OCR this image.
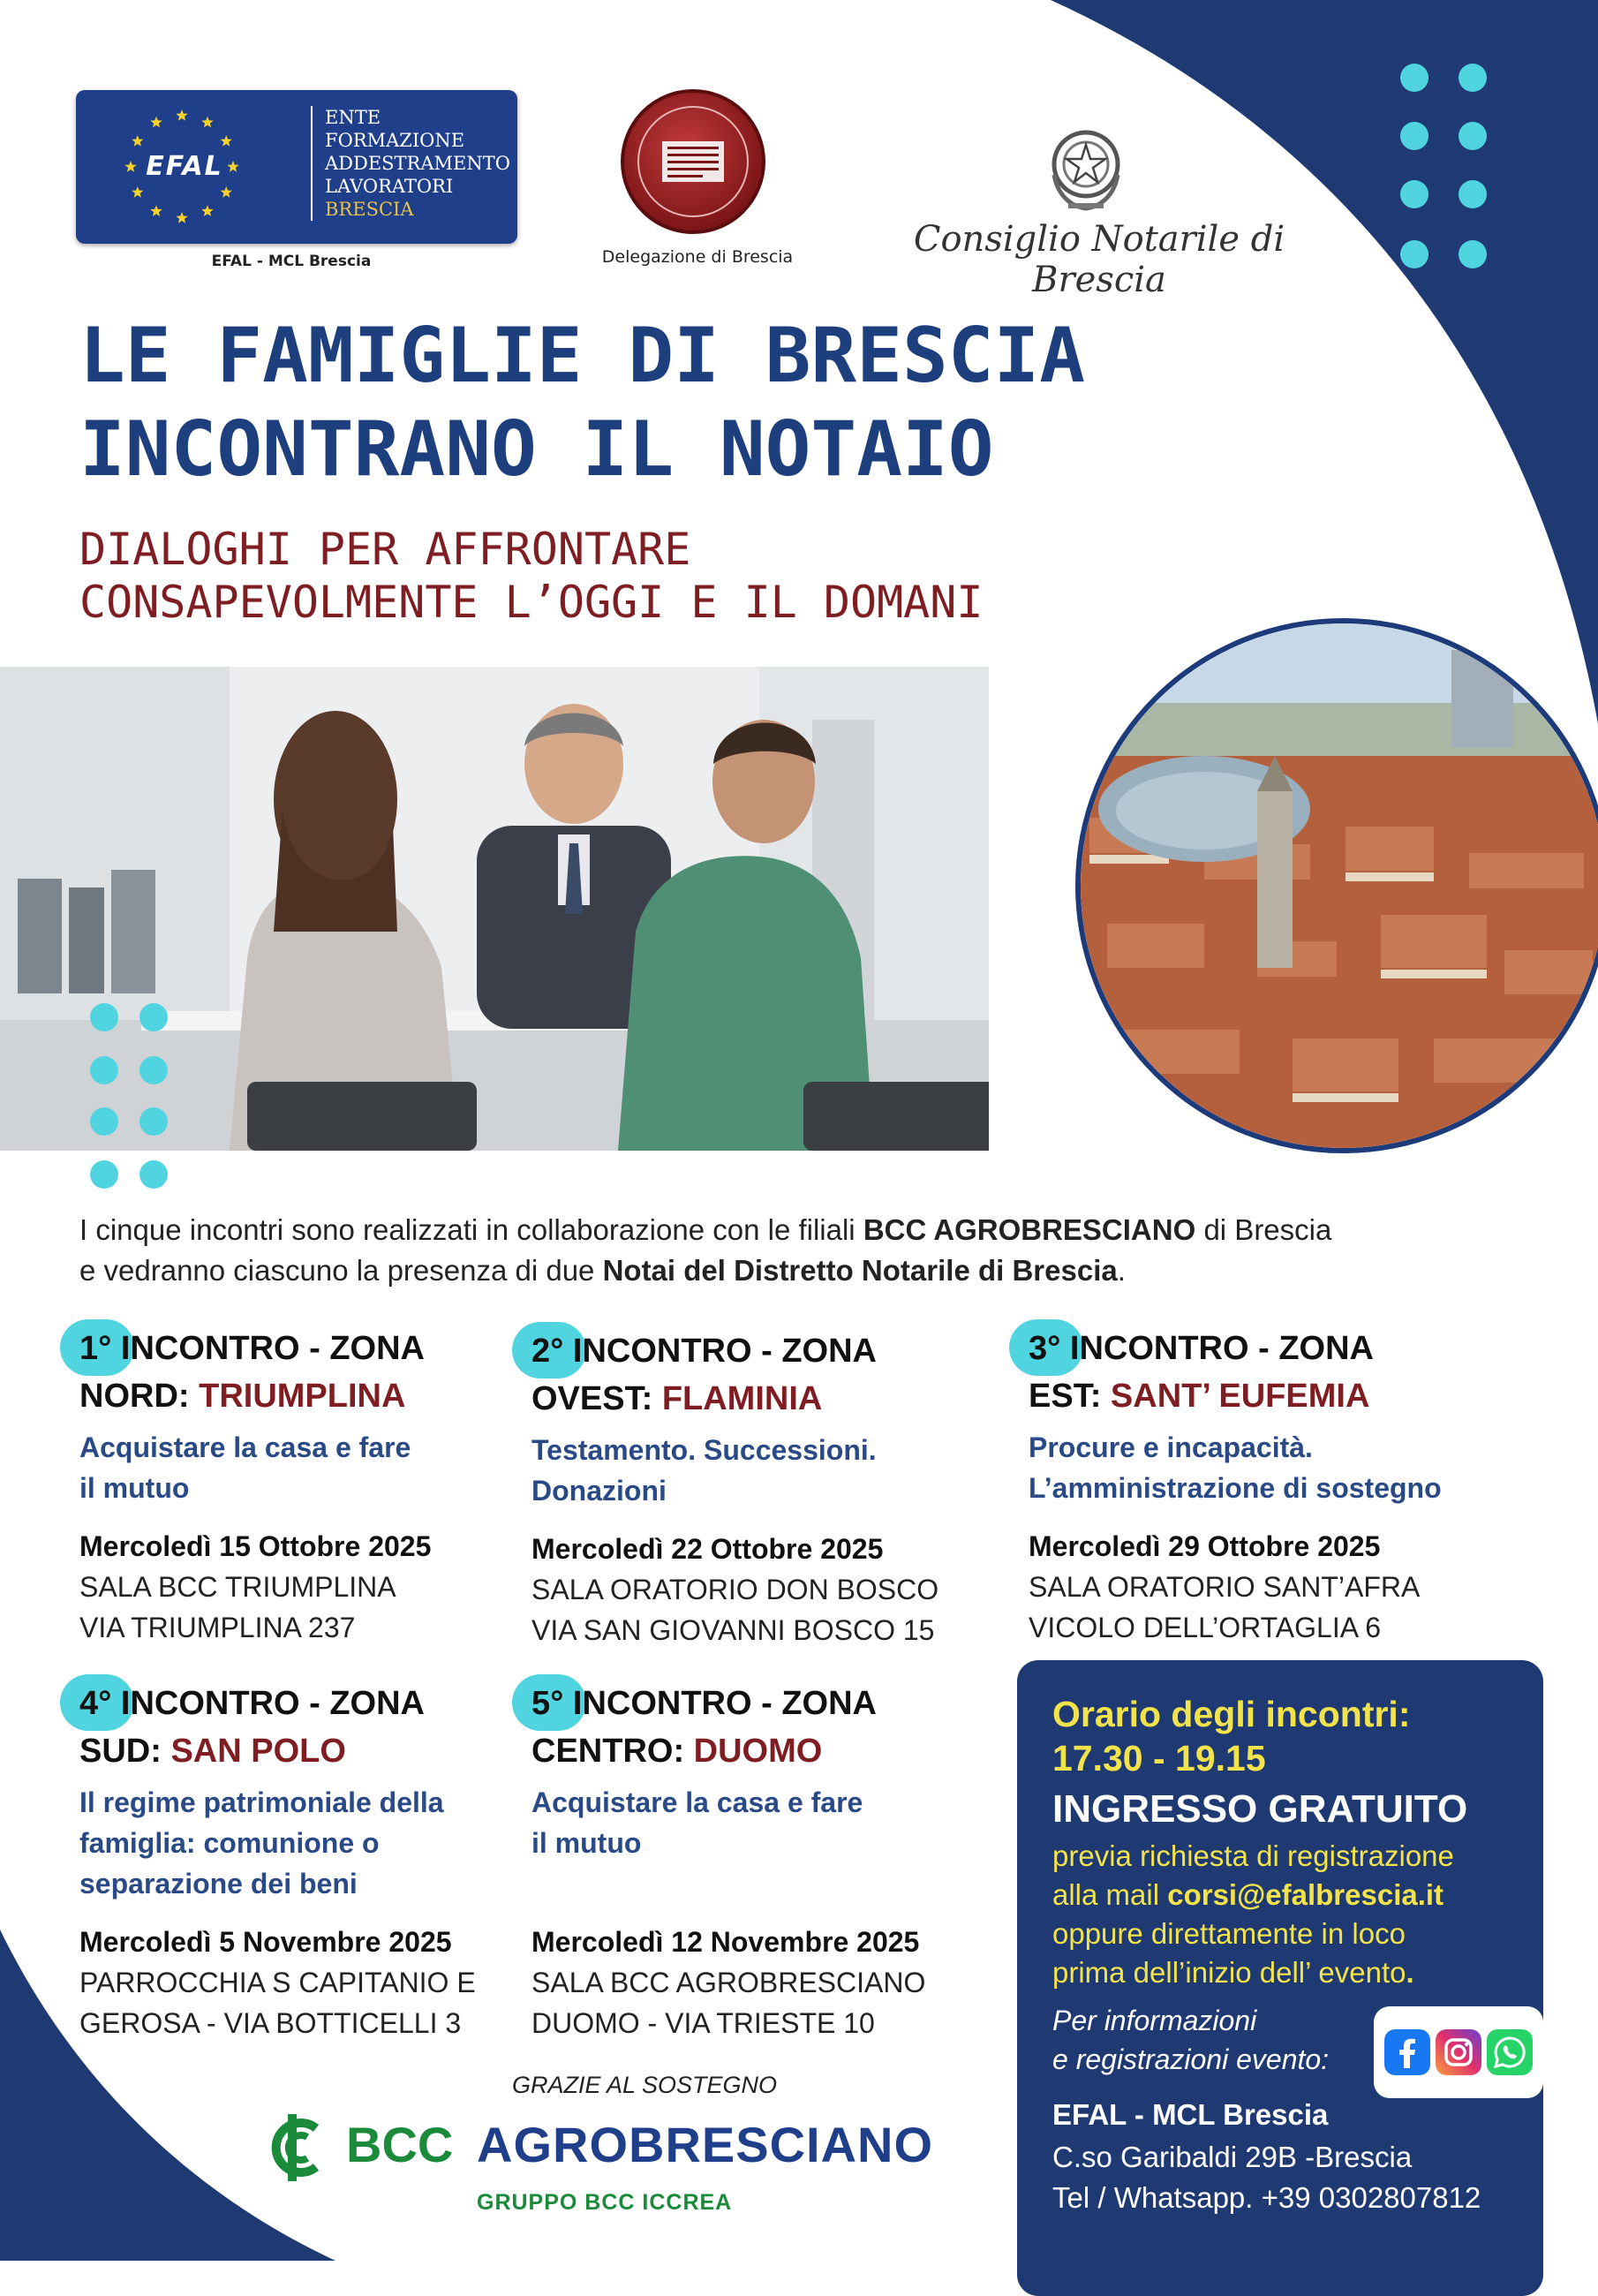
EFAL
ENTE
FORMAZIONE
ADDESTRAMENTO
LAVORATORI
BRESCIA
EFAL - MCL Brescia	Delegazione di Brescia	Consiglio Notarile di Brescia
LE FAMIGLIE DI BRESCIA
INCONTRANO IL NOTAIO
DIALOGHI PER AFFRONTARE
CONSAPEVOLMENTE L’OGGI E IL DOMANI
I cinque incontri sono realizzati in collaborazione con le filiali BCC AGROBRESCIANO di Brescia
e vedranno ciascuno la presenza di due Notai del Distretto Notarile di Brescia.
1° INCONTRO - ZONA
NORD: TRIUMPLINA
Acquistare la casa e fare
il mutuo
Mercoledì 15 Ottobre 2025
SALA BCC TRIUMPLINA
VIA TRIUMPLINA 237
2° INCONTRO - ZONA
OVEST: FLAMINIA
Testamento. Successioni.
Donazioni
Mercoledì 22 Ottobre 2025
SALA ORATORIO DON BOSCO
VIA SAN GIOVANNI BOSCO 15
3° INCONTRO - ZONA
EST: SANT’ EUFEMIA
Procure e incapacità.
L’amministrazione di sostegno
Mercoledì 29 Ottobre 2025
SALA ORATORIO SANT’AFRA
VICOLO DELL’ORTAGLIA 6
4° INCONTRO - ZONA
SUD: SAN POLO
Il regime patrimoniale della
famiglia: comunione o
separazione dei beni
Mercoledì 5 Novembre 2025
PARROCCHIA S CAPITANIO E
GEROSA - VIA BOTTICELLI 3
5° INCONTRO - ZONA
CENTRO: DUOMO
Acquistare la casa e fare
il mutuo
Mercoledì 12 Novembre 2025
SALA BCC AGROBRESCIANO
DUOMO - VIA TRIESTE 10
Orario degli incontri:
17.30 - 19.15
INGRESSO GRATUITO
previa richiesta di registrazione
alla mail corsi@efalbrescia.it
oppure direttamente in loco
prima dell’inizio dell’ evento.
Per informazioni
e registrazioni evento:
EFAL - MCL Brescia
C.so Garibaldi 29B -Brescia
Tel / Whatsapp. +39 0302807812
GRAZIE AL SOSTEGNO
BCC AGROBRESCIANO
GRUPPO BCC ICCREA
